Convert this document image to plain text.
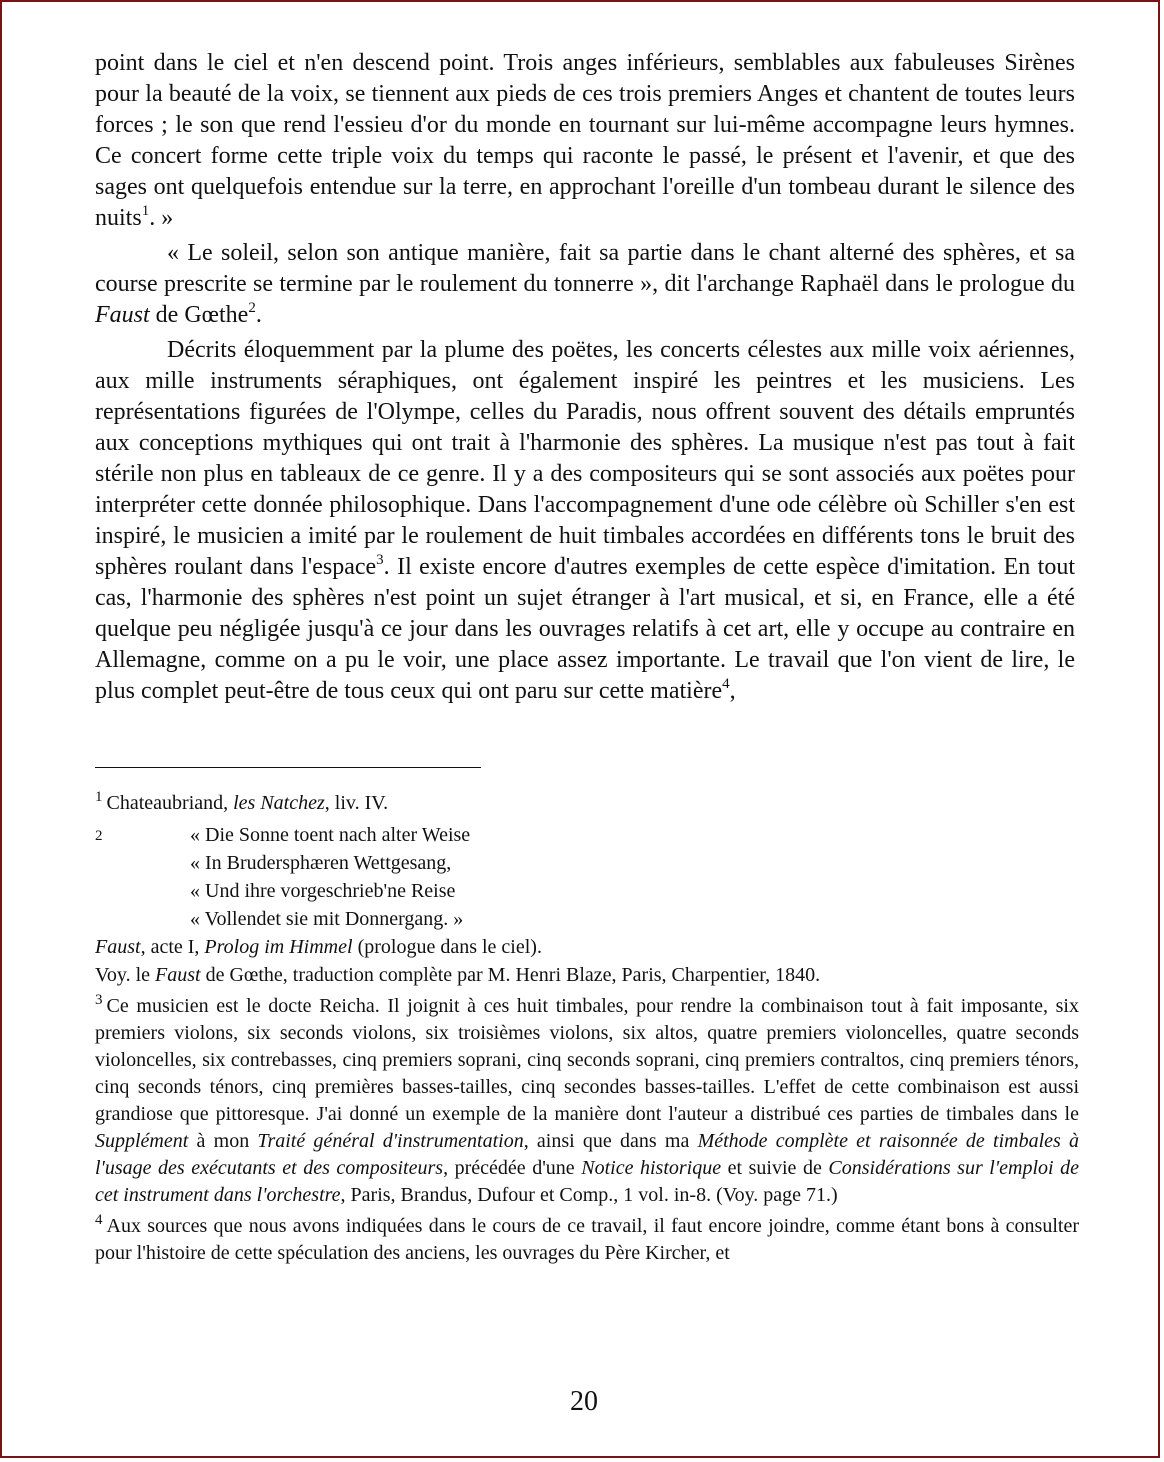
point dans le ciel et n'en descend point. Trois anges inférieurs, semblables aux fabuleuses Sirènes pour la beauté de la voix, se tiennent aux pieds de ces trois premiers Anges et chantent de toutes leurs forces ; le son que rend l'essieu d'or du monde en tournant sur lui-même accompagne leurs hymnes. Ce concert forme cette triple voix du temps qui raconte le passé, le présent et l'avenir, et que des sages ont quelquefois entendue sur la terre, en approchant l'oreille d'un tombeau durant le silence des nuits$^1$. »

« Le soleil, selon son antique manière, fait sa partie dans le chant alterné des sphères, et sa course prescrite se termine par le roulement du tonnerre », dit l'archange Raphaël dans le prologue du Faust de Gœthe$^2$.

Décrits éloquemment par la plume des poëtes, les concerts célestes aux mille voix aériennes, aux mille instruments séraphiques, ont également inspiré les peintres et les musiciens. Les représentations figurées de l'Olympe, celles du Paradis, nous offrent souvent des détails empruntés aux conceptions mythiques qui ont trait à l'harmonie des sphères. La musique n'est pas tout à fait stérile non plus en tableaux de ce genre. Il y a des compositeurs qui se sont associés aux poëtes pour interpréter cette donnée philosophique. Dans l'accompagnement d'une ode célèbre où Schiller s'en est inspiré, le musicien a imité par le roulement de huit timbales accordées en différents tons le bruit des sphères roulant dans l'espace$^3$. Il existe encore d'autres exemples de cette espèce d'imitation. En tout cas, l'harmonie des sphères n'est point un sujet étranger à l'art musical, et si, en France, elle a été quelque peu négligée jusqu'à ce jour dans les ouvrages relatifs à cet art, elle y occupe au contraire en Allemagne, comme on a pu le voir, une place assez importante. Le travail que l'on vient de lire, le plus complet peut-être de tous ceux qui ont paru sur cette matière$^4$,

$^1$ Chateaubriand, les Natchez, liv. IV.

2	« Die Sonne toent nach alter Weise
« In Brudersphæren Wettgesang,
« Und ihre vorgeschrieb'ne Reise
« Vollendet sie mit Donnergang. »

Faust, acte I, Prolog im Himmel (prologue dans le ciel).

Voy. le Faust de Gœthe, traduction complète par M. Henri Blaze, Paris, Charpentier, 1840.

$^3$ Ce musicien est le docte Reicha. Il joignit à ces huit timbales, pour rendre la combinaison tout à fait imposante, six premiers violons, six seconds violons, six troisièmes violons, six altos, quatre premiers violoncelles, quatre seconds violoncelles, six contrebasses, cinq premiers soprani, cinq seconds soprani, cinq premiers contraltos, cinq premiers ténors, cinq seconds ténors, cinq premières basses-tailles, cinq secondes basses-tailles. L'effet de cette combinaison est aussi grandiose que pittoresque. J'ai donné un exemple de la manière dont l'auteur a distribué ces parties de timbales dans le Supplément à mon Traité général d'instrumentation, ainsi que dans ma Méthode complète et raisonnée de timbales à l'usage des exécutants et des compositeurs, précédée d'une Notice historique et suivie de Considérations sur l'emploi de cet instrument dans l'orchestre, Paris, Brandus, Dufour et Comp., 1 vol. in-8. (Voy. page 71.)

$^4$ Aux sources que nous avons indiquées dans le cours de ce travail, il faut encore joindre, comme étant bons à consulter pour l'histoire de cette spéculation des anciens, les ouvrages du Père Kircher, et

20
